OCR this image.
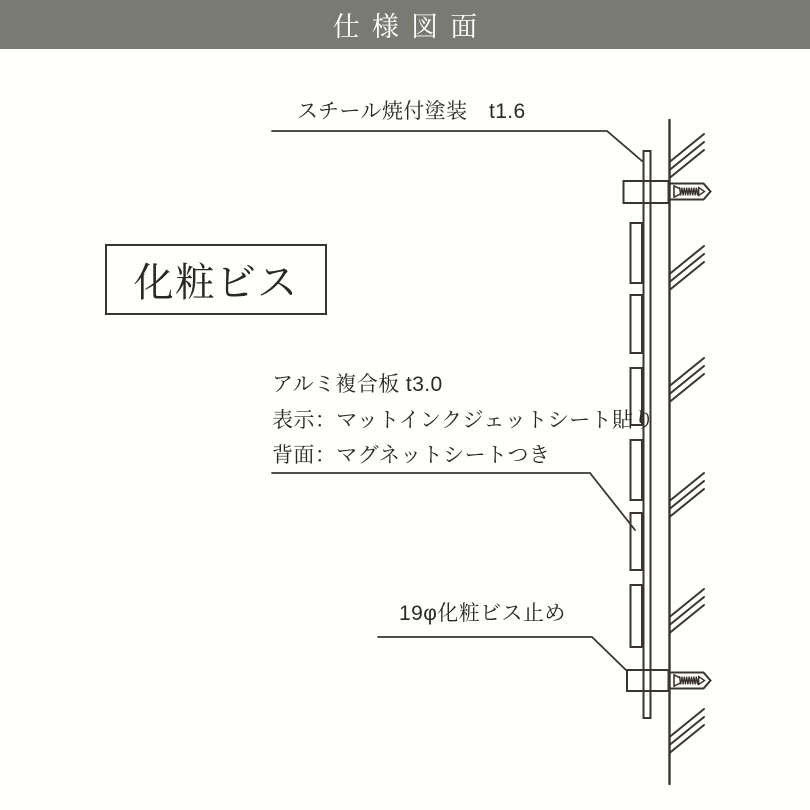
仕様図面
スチール焼付塗装　t1.6
化粧ビス
アルミ複合板 t3.0
表示：マットインクジェットシート貼り
背面：マグネットシートつき
19φ化粧ビス止め
